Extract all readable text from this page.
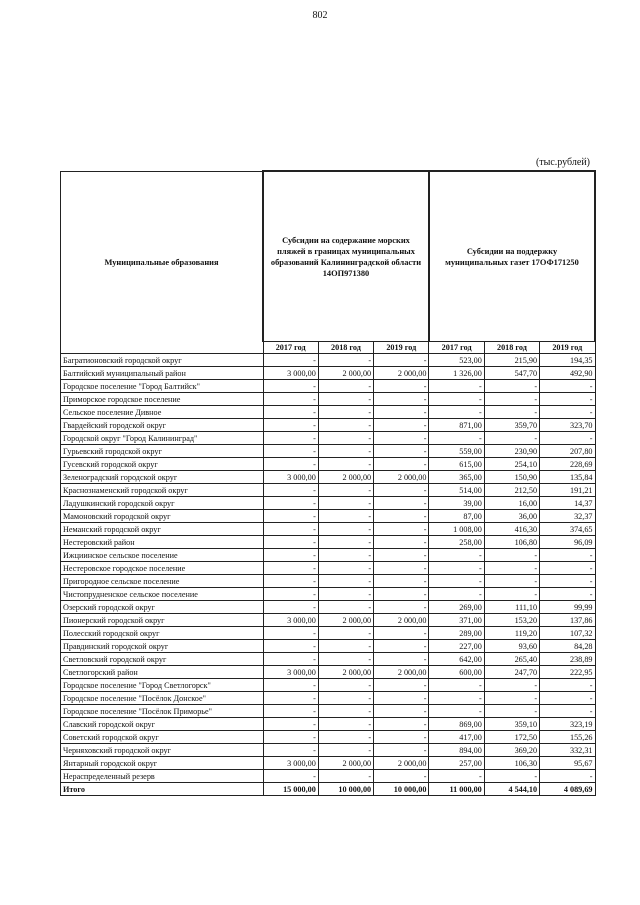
802
(тыс.рублей)
Муниципальные образования	Субсидии на содержание морских пляжей в границах муниципальных образований Калининградской области 14ОП971380			Субсидии на поддержку муниципальных газет 17ОФ171250		
	2017 год	2018 год	2019 год	2017 год	2018 год	2019 год
Багратионовский городской округ	-	-	-	523,00	215,90	194,35
Балтийский муниципальный район	3 000,00	2 000,00	2 000,00	1 326,00	547,70	492,90
Городское поселение "Город Балтийск"	-	-	-	-	-	-
Приморское городское поселение	-	-	-	-	-	-
Сельское поселение Дивное	-	-	-	-	-	-
Гвардейский городской округ	-	-	-	871,00	359,70	323,70
Городской округ "Город Калининград"	-	-	-	-	-	-
Гурьевский городской округ	-	-	-	559,00	230,90	207,80
Гусевский городской округ	-	-	-	615,00	254,10	228,69
Зеленоградский городской округ	3 000,00	2 000,00	2 000,00	365,00	150,90	135,84
Краснознаменский городской округ	-	-	-	514,00	212,50	191,21
Ладушкинский городской округ	-	-	-	39,00	16,00	14,37
Мамоновский городской округ	-	-	-	87,00	36,00	32,37
Неманский городской округ	-	-	-	1 008,00	416,30	374,65
Нестеровский район	-	-	-	258,00	106,80	96,09
Ижциинское сельское поселение	-	-	-	-	-	-
Нестеровское городское поселение	-	-	-	-	-	-
Пригородное сельское поселение	-	-	-	-	-	-
Чистопрудненское сельское поселение	-	-	-	-	-	-
Озерский городской округ	-	-	-	269,00	111,10	99,99
Пионерский городской округ	3 000,00	2 000,00	2 000,00	371,00	153,20	137,86
Полесский городской округ	-	-	-	289,00	119,20	107,32
Правдинский городской округ	-	-	-	227,00	93,60	84,28
Светловский городской округ	-	-	-	642,00	265,40	238,89
Светлогорский район	3 000,00	2 000,00	2 000,00	600,00	247,70	222,95
Городское поселение "Город Светлогорск"	-	-	-	-	-	-
Городское поселение "Посёлок Донское"	-	-	-	-	-	-
Городское поселение "Посёлок Приморье"	-	-	-	-	-	-
Славский городской округ	-	-	-	869,00	359,10	323,19
Советский городской округ	-	-	-	417,00	172,50	155,26
Черняховский городской округ	-	-	-	894,00	369,20	332,31
Янтарный городской округ	3 000,00	2 000,00	2 000,00	257,00	106,30	95,67
Нераспределенный резерв	-	-	-	-	-	-
Итого	15 000,00	10 000,00	10 000,00	11 000,00	4 544,10	4 089,69
